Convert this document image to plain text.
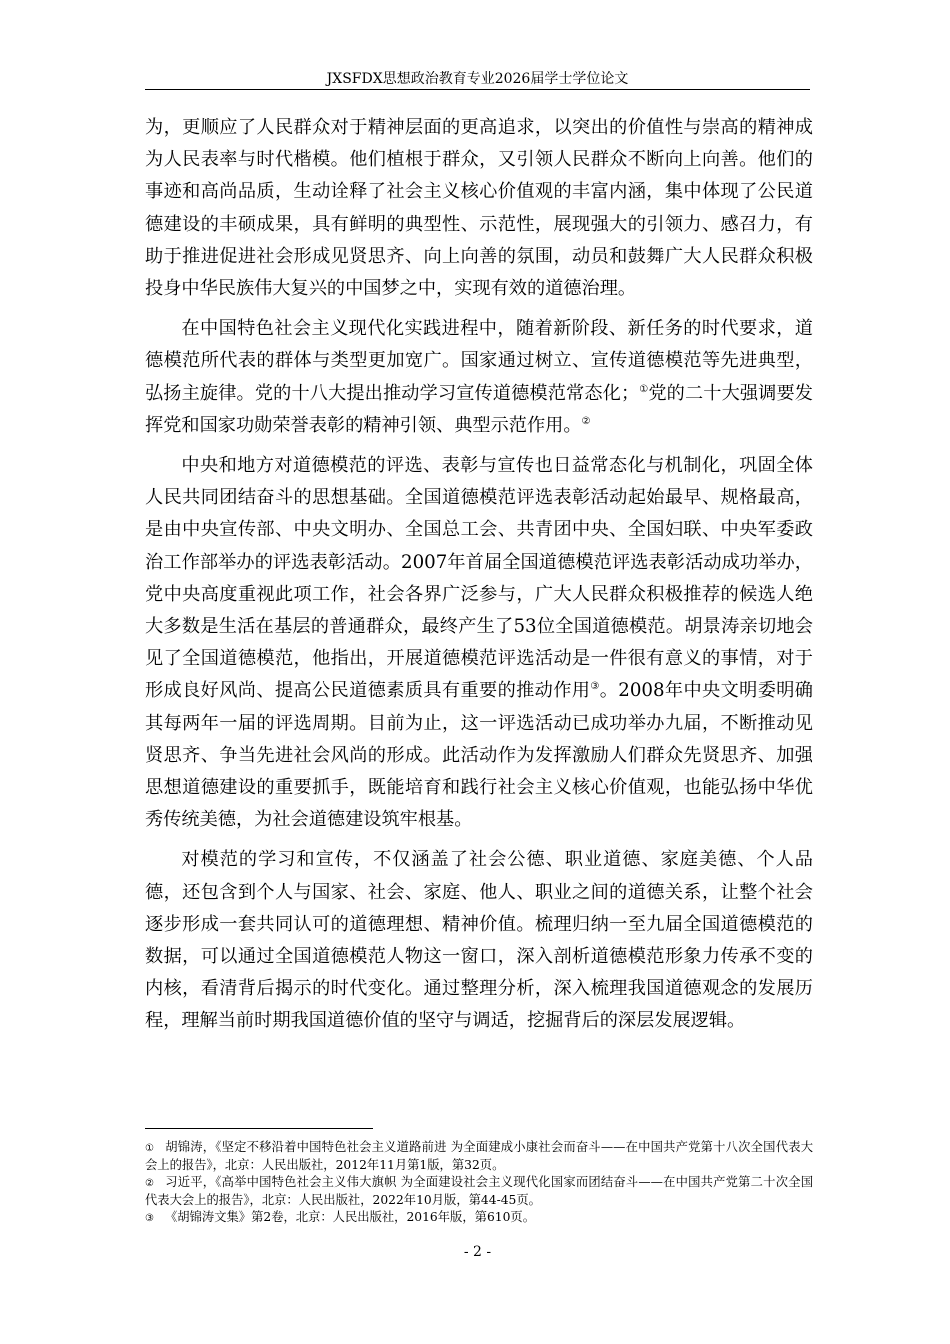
JXSFDX思想政治教育专业2026届学士学位论文

为，更顺应了人民群众对于精神层面的更高追求，以突出的价值性与崇高的精神成为人民表率与时代楷模。他们植根于群众，又引领人民群众不断向上向善。他们的事迹和高尚品质，生动诠释了社会主义核心价值观的丰富内涵，集中体现了公民道德建设的丰硕成果，具有鲜明的典型性、示范性，展现强大的引领力、感召力，有助于推进促进社会形成见贤思齐、向上向善的氛围，动员和鼓舞广大人民群众积极投身中华民族伟大复兴的中国梦之中，实现有效的道德治理。

在中国特色社会主义现代化实践进程中，随着新阶段、新任务的时代要求，道德模范所代表的群体与类型更加宽广。国家通过树立、宣传道德模范等先进典型，弘扬主旋律。党的十八大提出推动学习宣传道德模范常态化；①党的二十大强调要发挥党和国家功勋荣誉表彰的精神引领、典型示范作用。②

中央和地方对道德模范的评选、表彰与宣传也日益常态化与机制化，巩固全体人民共同团结奋斗的思想基础。全国道德模范评选表彰活动起始最早、规格最高，是由中央宣传部、中央文明办、全国总工会、共青团中央、全国妇联、中央军委政治工作部举办的评选表彰活动。2007年首届全国道德模范评选表彰活动成功举办，党中央高度重视此项工作，社会各界广泛参与，广大人民群众积极推荐的候选人绝大多数是生活在基层的普通群众，最终产生了53位全国道德模范。胡景涛亲切地会见了全国道德模范，他指出，开展道德模范评选活动是一件很有意义的事情，对于形成良好风尚、提高公民道德素质具有重要的推动作用③。2008年中央文明委明确其每两年一届的评选周期。目前为止，这一评选活动已成功举办九届，不断推动见贤思齐、争当先进社会风尚的形成。此活动作为发挥激励人们群众先贤思齐、加强思想道德建设的重要抓手，既能培育和践行社会主义核心价值观，也能弘扬中华优秀传统美德，为社会道德建设筑牢根基。

对模范的学习和宣传，不仅涵盖了社会公德、职业道德、家庭美德、个人品德，还包含到个人与国家、社会、家庭、他人、职业之间的道德关系，让整个社会逐步形成一套共同认可的道德理想、精神价值。梳理归纳一至九届全国道德模范的数据，可以通过全国道德模范人物这一窗口，深入剖析道德模范形象力传承不变的内核，看清背后揭示的时代变化。通过整理分析，深入梳理我国道德观念的发展历程，理解当前时期我国道德价值的坚守与调适，挖掘背后的深层发展逻辑。

① 胡锦涛，《坚定不移沿着中国特色社会主义道路前进 为全面建成小康社会而奋斗——在中国共产党第十八次全国代表大会上的报告》，北京：人民出版社，2012年11月第1版，第32页。

② 习近平，《高举中国特色社会主义伟大旗帜 为全面建设社会主义现代化国家而团结奋斗——在中国共产党第二十次全国代表大会上的报告》，北京：人民出版社，2022年10月版，第44-45页。

③ 《胡锦涛文集》第2卷，北京：人民出版社，2016年版，第610页。

- 2 -
